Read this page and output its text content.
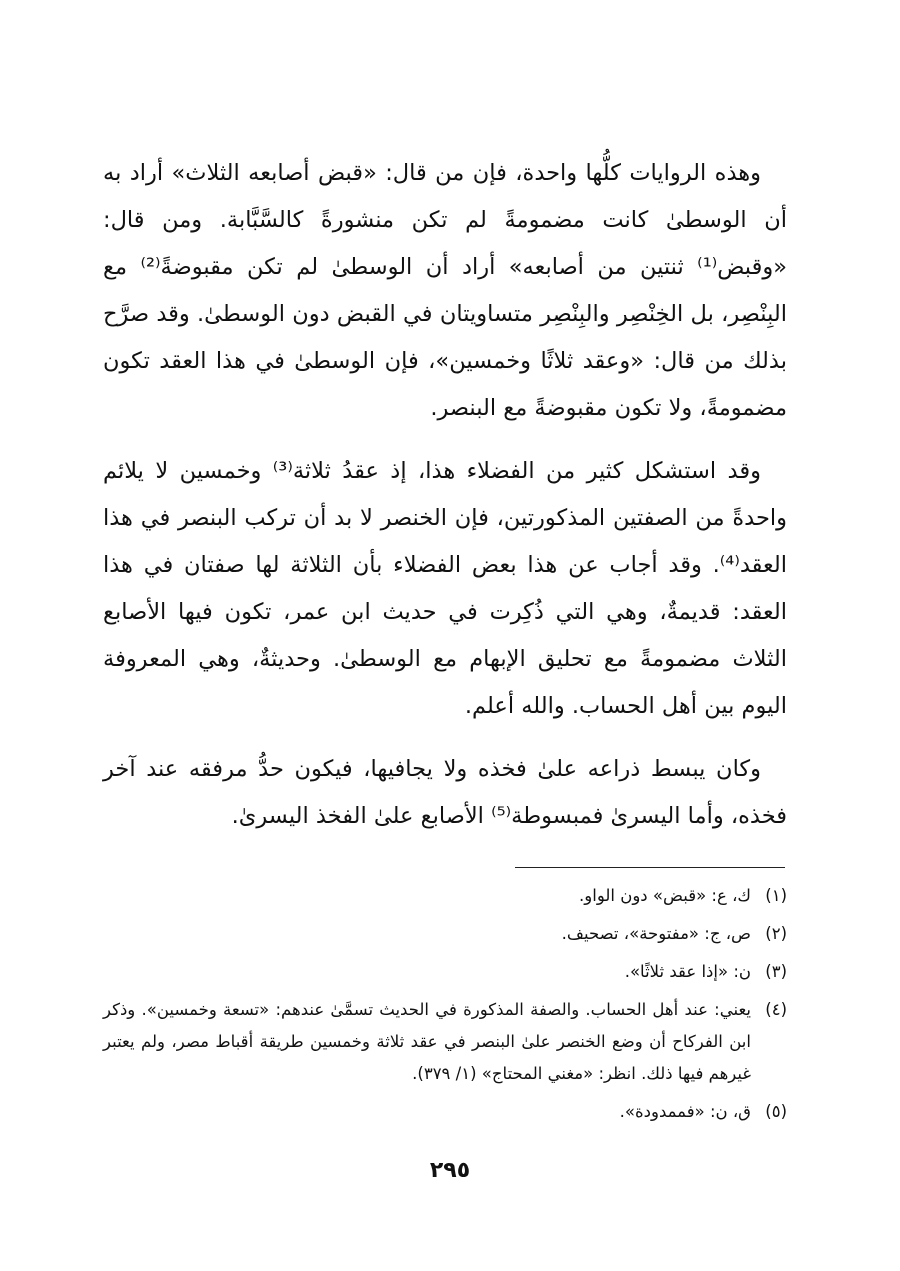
وهذه الروايات كلُّها واحدة، فإن من قال: «قبض أصابعه الثلاث» أراد به أن الوسطىٰ كانت مضمومةً لم تكن منشورةً كالسَّبَّابة. ومن قال: «وقبض⁽¹⁾ ثنتين من أصابعه» أراد أن الوسطىٰ لم تكن مقبوضةً⁽²⁾ مع البِنْصِر، بل الخِنْصِر والبِنْصِر متساويتان في القبض دون الوسطىٰ. وقد صرَّح بذلك من قال: «وعقد ثلاثًا وخمسين»، فإن الوسطىٰ في هذا العقد تكون مضمومةً، ولا تكون مقبوضةً مع البنصر.

وقد استشكل كثير من الفضلاء هذا، إذ عقدُ ثلاثة⁽³⁾ وخمسين لا يلائم واحدةً من الصفتين المذكورتين، فإن الخنصر لا بد أن تركب البنصر في هذا العقد⁽⁴⁾. وقد أجاب عن هذا بعض الفضلاء بأن الثلاثة لها صفتان في هذا العقد: قديمةٌ، وهي التي ذُكِرت في حديث ابن عمر، تكون فيها الأصابع الثلاث مضمومةً مع تحليق الإبهام مع الوسطىٰ. وحديثةٌ، وهي المعروفة اليوم بين أهل الحساب. والله أعلم.

وكان يبسط ذراعه علىٰ فخذه ولا يجافيها، فيكون حدُّ مرفقه عند آخر فخذه، وأما اليسرىٰ فمبسوطة⁽⁵⁾ الأصابع علىٰ الفخذ اليسرىٰ.

(١)
ك، ع: «قبض» دون الواو.
(٢)
ص، ج: «مفتوحة»، تصحيف.
(٣)
ن: «إذا عقد ثلاثًا».
(٤)
يعني: عند أهل الحساب. والصفة المذكورة في الحديث تسمَّىٰ عندهم: «تسعة وخمسين». وذكر ابن الفركاح أن وضع الخنصر علىٰ البنصر في عقد ثلاثة وخمسين طريقة أقباط مصر، ولم يعتبر غيرهم فيها ذلك. انظر: «مغني المحتاج» (١/ ٣٧٩).
(٥)
ق، ن: «فممدودة».
٢٩٥
